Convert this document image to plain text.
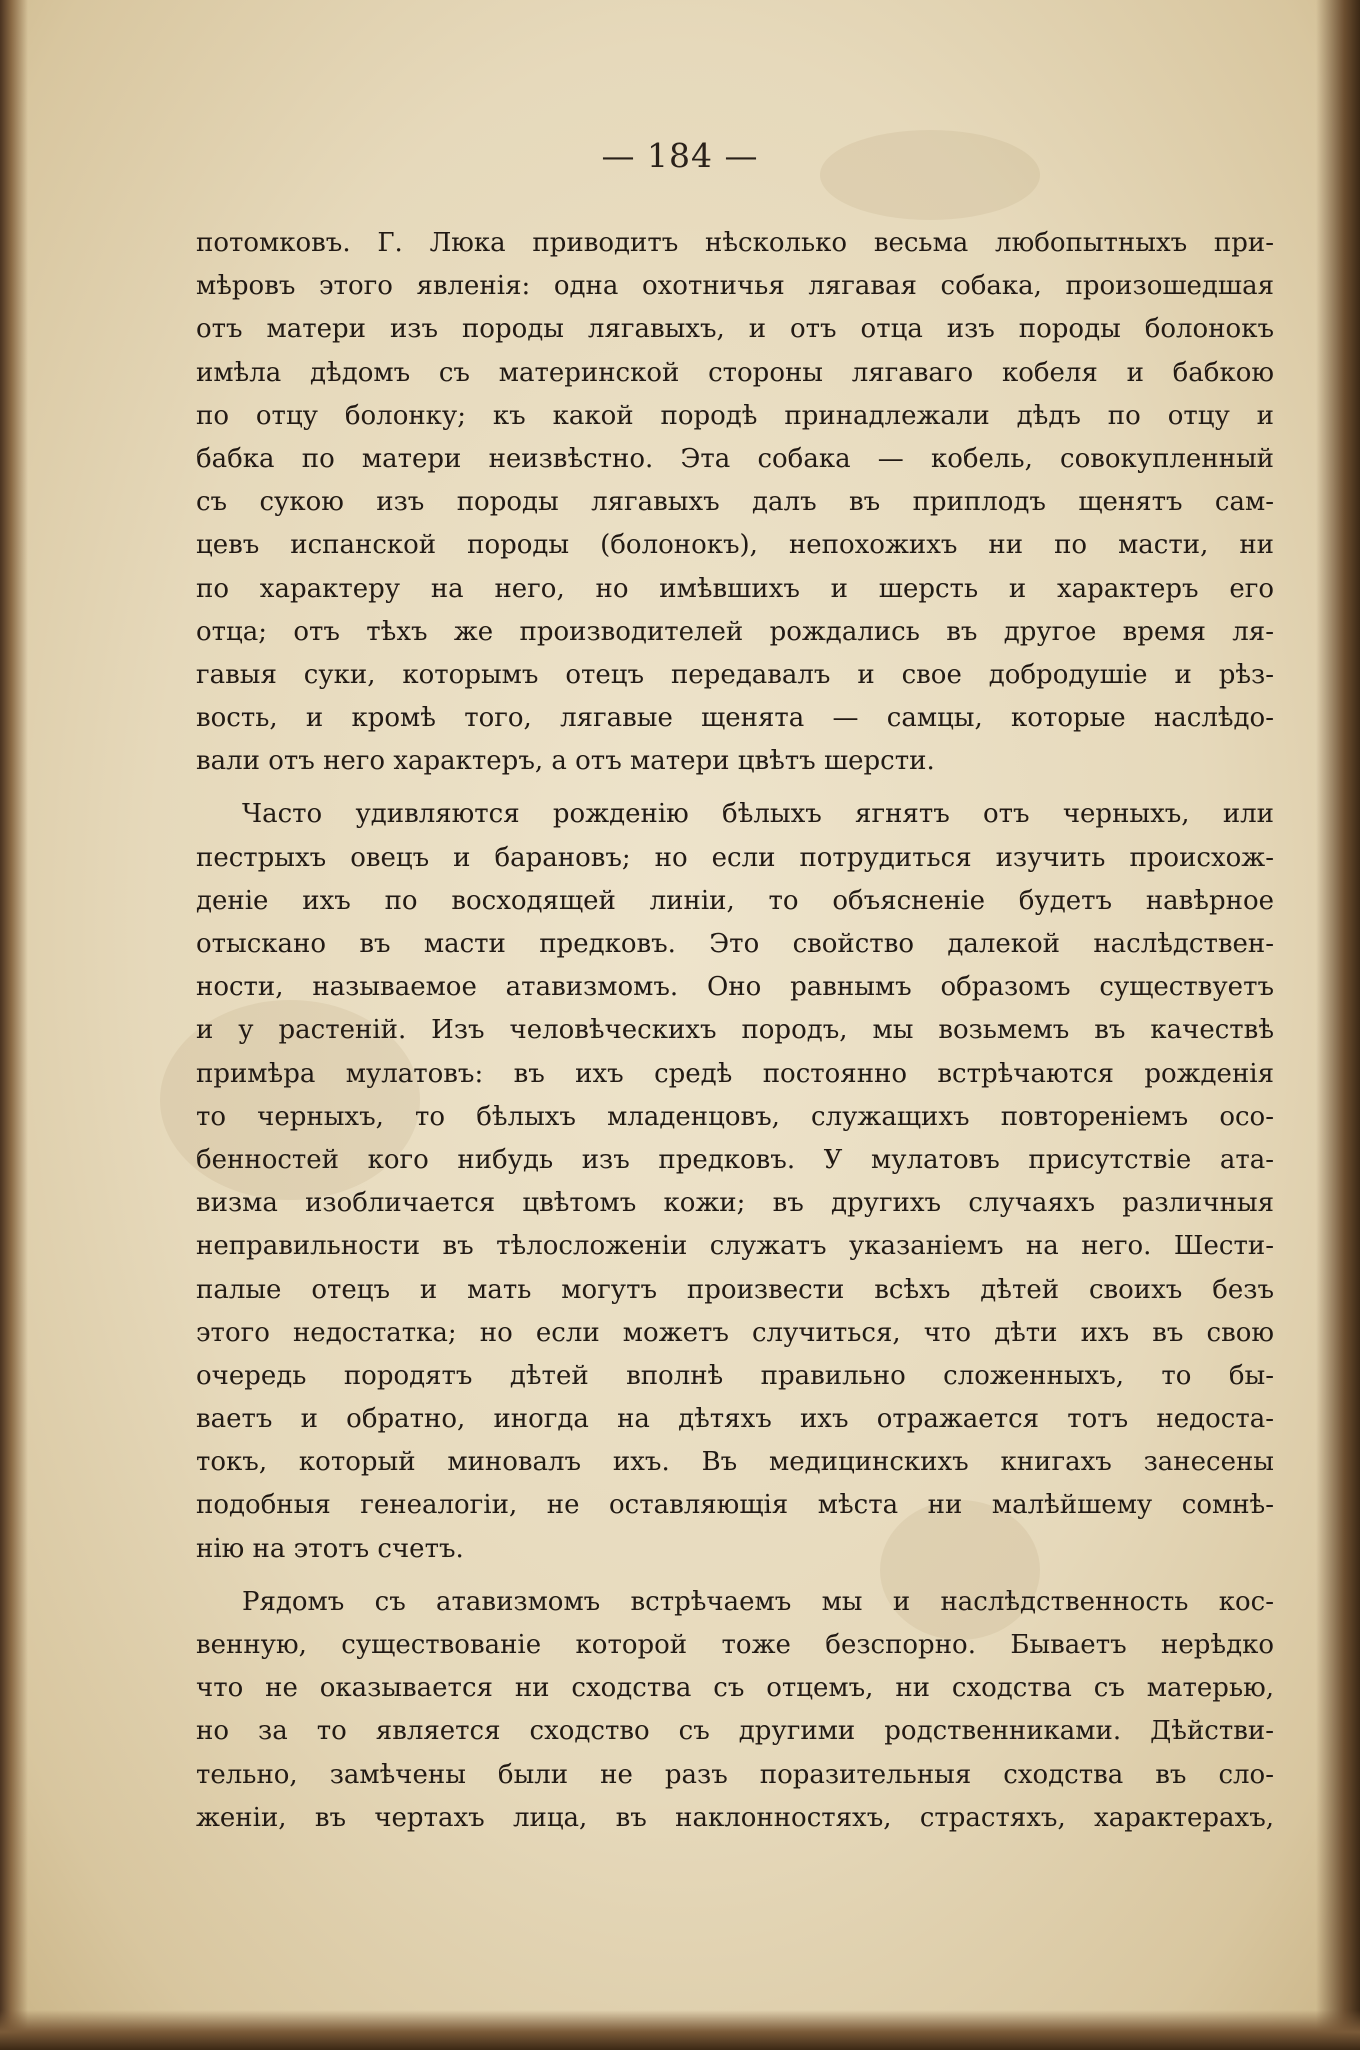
— 184 —
потомковъ. Г. Люка приводитъ нѣсколько весьма любопытныхъ при-
мѣровъ этого явленія: одна охотничья лягавая собака, произошедшая
отъ матери изъ породы лягавыхъ, и отъ отца изъ породы болонокъ
имѣла дѣдомъ съ материнской стороны лягаваго кобеля и бабкою
по отцу болонку; къ какой породѣ принадлежали дѣдъ по отцу и
бабка по матери неизвѣстно. Эта собака — кобель, совокупленный
съ сукою изъ породы лягавыхъ далъ въ приплодъ щенятъ сам-
цевъ испанской породы (болонокъ), непохожихъ ни по масти, ни
по характеру на него, но имѣвшихъ и шерсть и характеръ его
отца; отъ тѣхъ же производителей рождались въ другое время ля-
гавыя суки, которымъ отецъ передавалъ и свое добродушіе и рѣз-
вость, и кромѣ того, лягавые щенята — самцы, которые наслѣдо-
вали отъ него характеръ, а отъ матери цвѣтъ шерсти.
Часто удивляются рожденію бѣлыхъ ягнятъ отъ черныхъ, или
пестрыхъ овецъ и барановъ; но если потрудиться изучить происхож-
деніе ихъ по восходящей линіи, то объясненіе будетъ навѣрное
отыскано въ масти предковъ. Это свойство далекой наслѣдствен-
ности, называемое атавизмомъ. Оно равнымъ образомъ существуетъ
и у растеній. Изъ человѣческихъ породъ, мы возьмемъ въ качествѣ
примѣра мулатовъ: въ ихъ средѣ постоянно встрѣчаются рожденія
то черныхъ, то бѣлыхъ младенцовъ, служащихъ повтореніемъ осо-
бенностей кого нибудь изъ предковъ. У мулатовъ присутствіе ата-
визма изобличается цвѣтомъ кожи; въ другихъ случаяхъ различныя
неправильности въ тѣлосложеніи служатъ указаніемъ на него. Шести-
палые отецъ и мать могутъ произвести всѣхъ дѣтей своихъ безъ
этого недостатка; но если можетъ случиться, что дѣти ихъ въ свою
очередь породятъ дѣтей вполнѣ правильно сложенныхъ, то бы-
ваетъ и обратно, иногда на дѣтяхъ ихъ отражается тотъ недоста-
токъ, который миновалъ ихъ. Въ медицинскихъ книгахъ занесены
подобныя генеалогіи, не оставляющія мѣста ни малѣйшему сомнѣ-
нію на этотъ счетъ.
Рядомъ съ атавизмомъ встрѣчаемъ мы и наслѣдственность кос-
венную, существованіе которой тоже безспорно. Бываетъ нерѣдко
что не оказывается ни сходства съ отцемъ, ни сходства съ матерью,
но за то является сходство съ другими родственниками. Дѣйстви-
тельно, замѣчены были не разъ поразительныя сходства въ сло-
женіи, въ чертахъ лица, въ наклонностяхъ, страстяхъ, характерахъ,
